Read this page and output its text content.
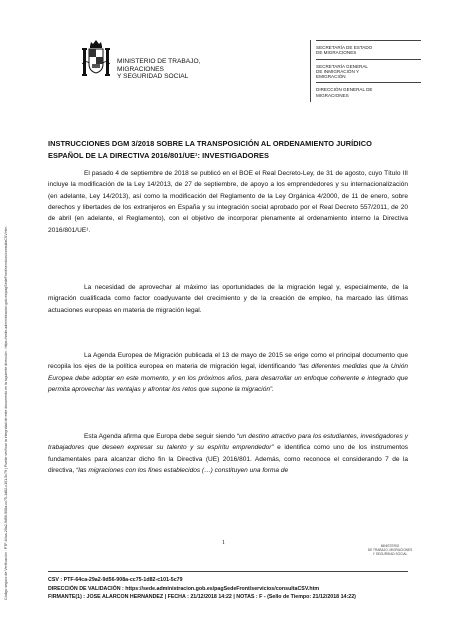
Código seguro de Verificación : PTF-64ca-29a2-9d56-908a-cc75-1d82-c101-5c79 | Puede verificar la integridad de este documento en la siguiente dirección : https://sede.administracion.gob.es/pagSedeFront/servicios/consultaCSV.htm
MINISTERIO DE TRABAJO,
MIGRACIONES
Y SEGURIDAD SOCIAL
SECRETARÍA DE ESTADO
DE MIGRACIONES
SECRETARÍA GENERAL
DE INMIGRACIÓN Y
EMIGRACIÓN
DIRECCIÓN GENERAL DE
MIGRACIONES
INSTRUCCIONES DGM 3/2018 SOBRE LA TRANSPOSICIÓN AL ORDENAMIENTO JURÍDICO ESPAÑOL DE LA DIRECTIVA 2016/801/UE¹: INVESTIGADORES

El pasado 4 de septiembre de 2018 se publicó en el BOE el Real Decreto-Ley, de 31 de agosto, cuyo Título III incluye la modificación de la Ley 14/2013, de 27 de septiembre, de apoyo a los emprendedores y su internacionalización (en adelante, Ley 14/2013), así como la modificación del Reglamento de la Ley Orgánica 4/2000, de 11 de enero, sobre derechos y libertades de los extranjeros en España y su integración social aprobado por el Real Decreto 557/2011, de 20 de abril (en adelante, el Reglamento), con el objetivo de incorporar plenamente al ordenamiento interno la Directiva 2016/801/UE¹.

La necesidad de aprovechar al máximo las oportunidades de la migración legal y, especialmente, de la migración cualificada como factor coadyuvante del crecimiento y de la creación de empleo, ha marcado las últimas actuaciones europeas en materia de migración legal.

La Agenda Europea de Migración publicada el 13 de mayo de 2015 se erige como el principal documento que recopila los ejes de la política europea en materia de migración legal, identificando “las diferentes medidas que la Unión Europea debe adoptar en este momento, y en los próximos años, para desarrollar un enfoque coherente e integrado que permita aprovechar las ventajas y afrontar los retos que supone la migración”.

Esta Agenda afirma que Europa debe seguir siendo “un destino atractivo para los estudiantes, investigadores y trabajadores que deseen expresar su talento y su espíritu emprendedor” e identifica como uno de los instrumentos fundamentales para alcanzar dicho fin la Directiva (UE) 2016/801. Además, como reconoce el considerando 7 de la directiva, “las migraciones con los fines establecidos (…) constituyen una forma de

1	MINISTERIO
DE TRABAJO, MIGRACIONES
Y SEGURIDAD SOCIAL
CSV : PTF-64ca-29a2-9d56-908a-cc75-1d82-c101-5c79
DIRECCIÓN DE VALIDACIÓN : https://sede.administracion.gob.es/pagSedeFront/servicios/consultaCSV.htm
FIRMANTE(1) : JOSE ALARCON HERNANDEZ | FECHA : 21/12/2018 14:22 | NOTAS : F - (Sello de Tiempo: 21/12/2018 14:22)
